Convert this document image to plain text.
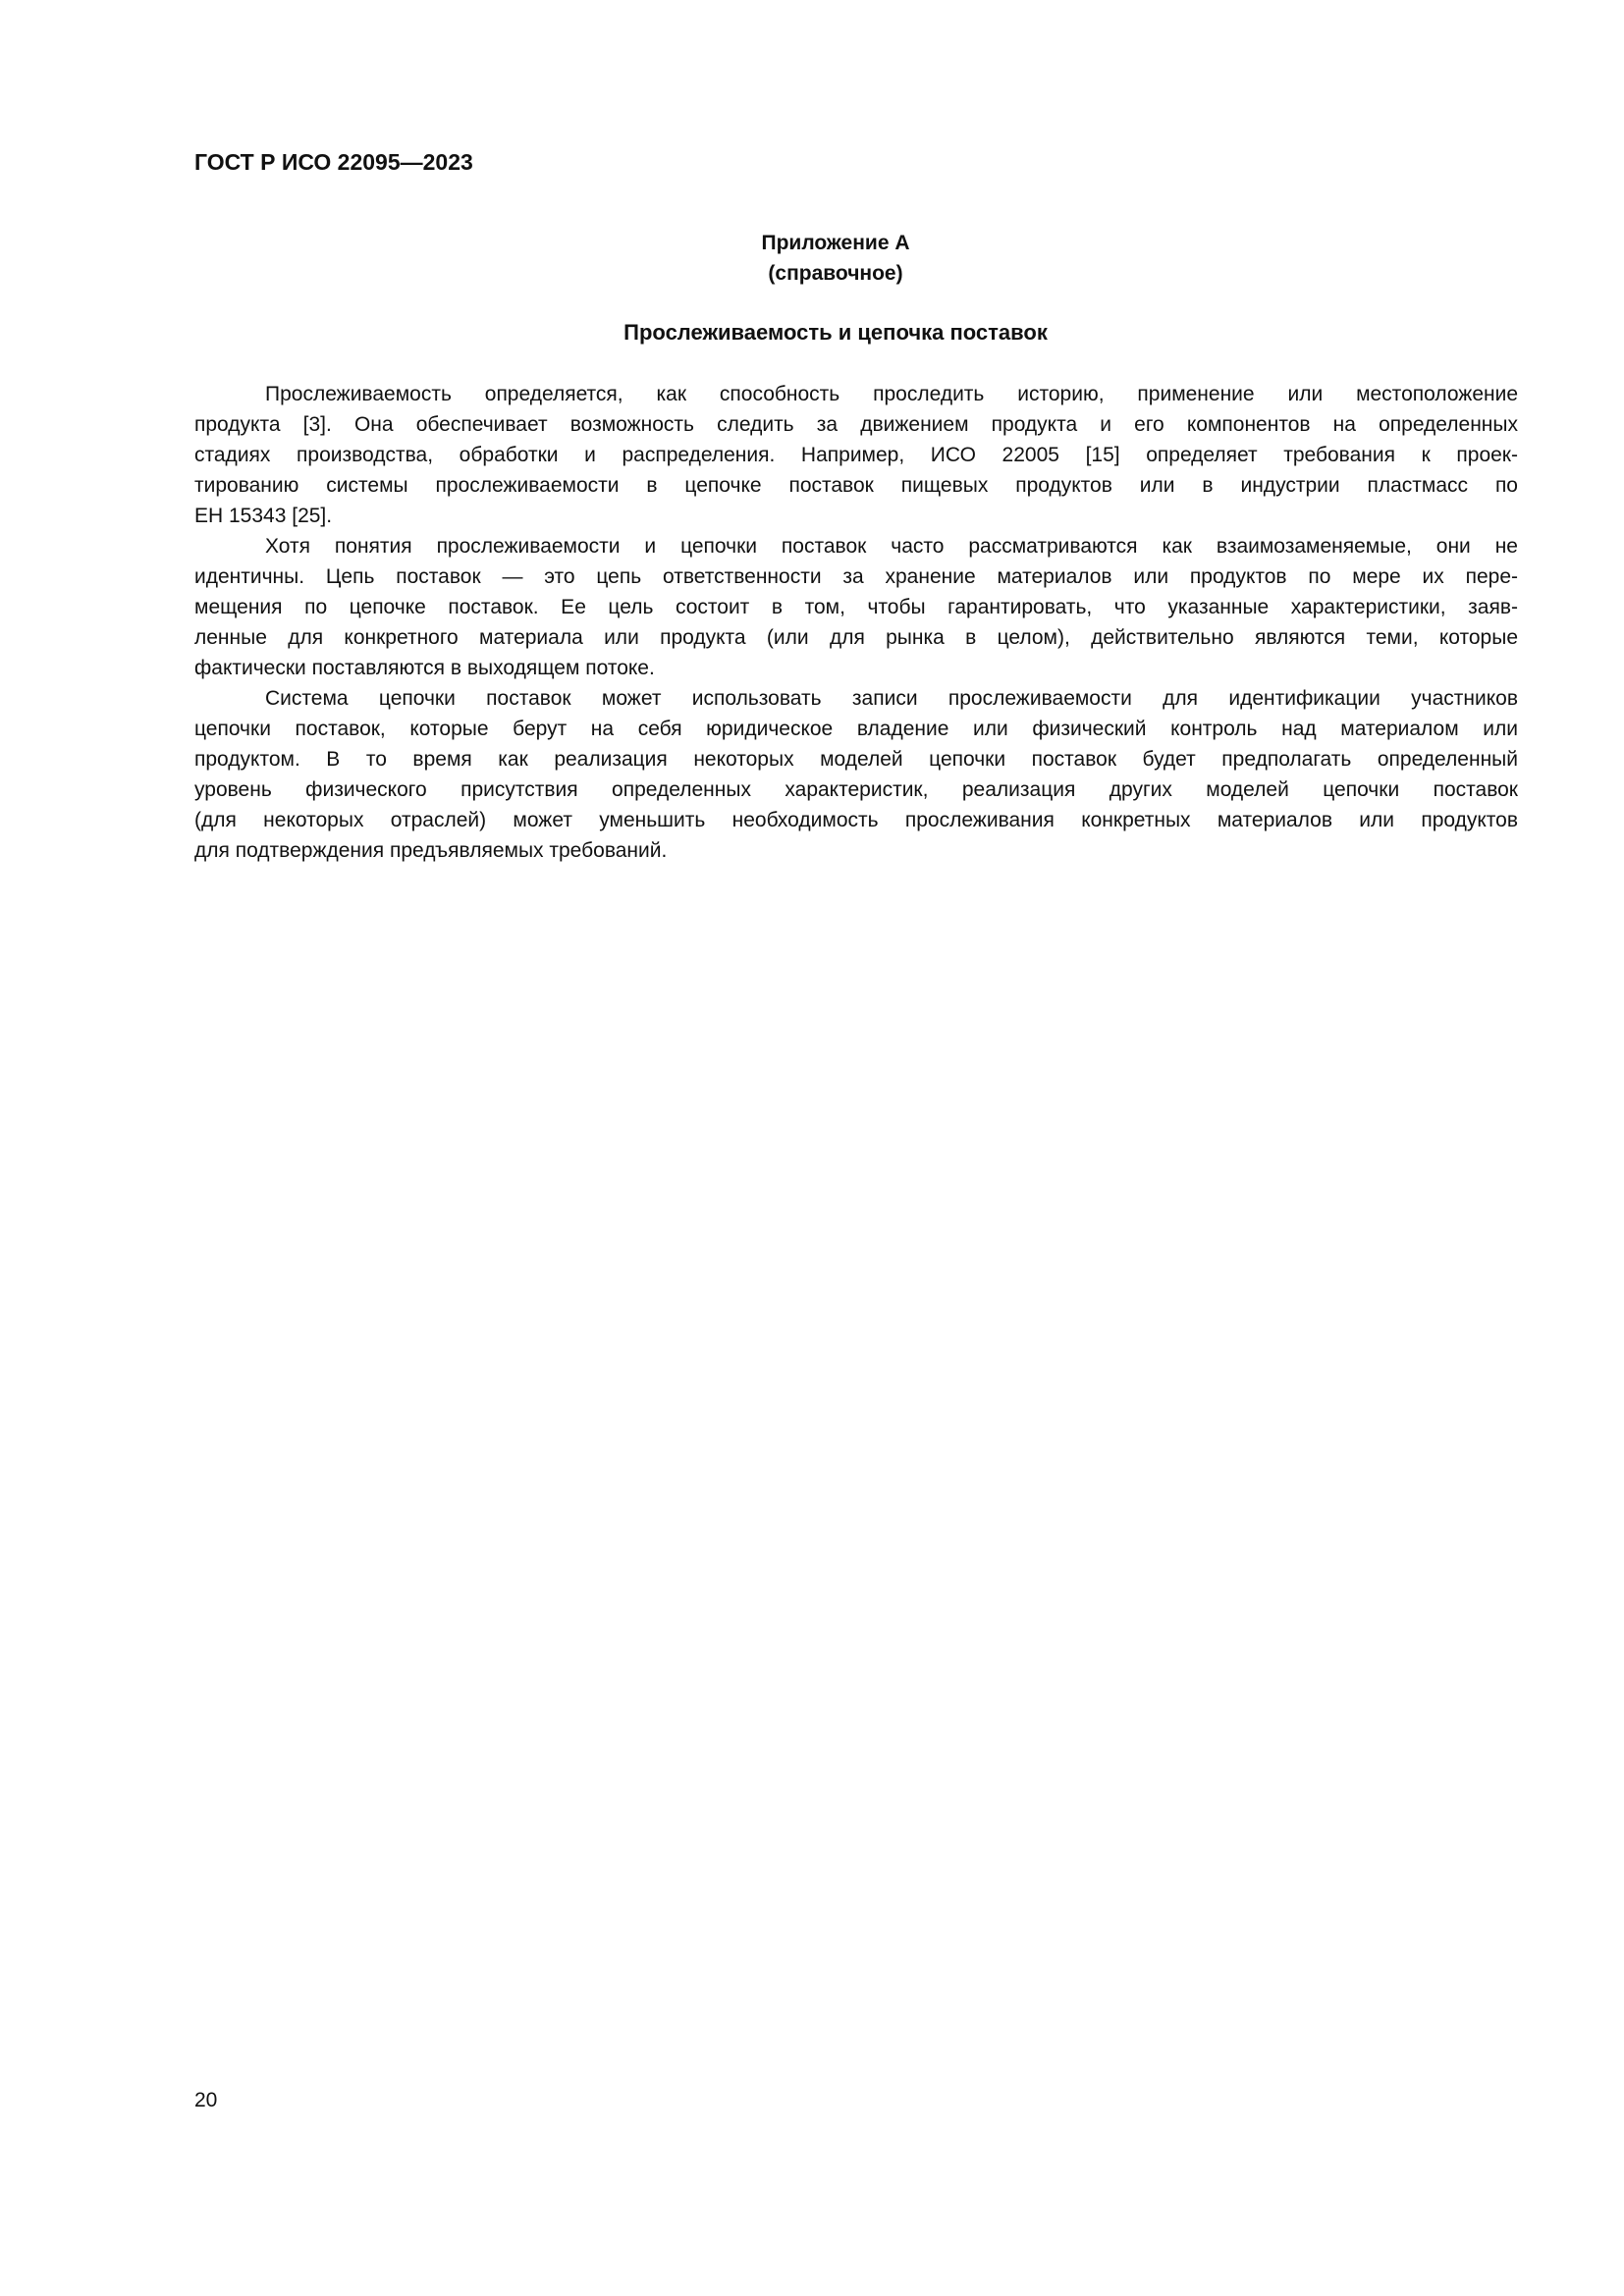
ГОСТ Р ИСО 22095—2023
Приложение А
(справочное)
Прослеживаемость и цепочка поставок
Прослеживаемость определяется, как способность проследить историю, применение или местоположение
продукта [3]. Она обеспечивает возможность следить за движением продукта и его компонентов на определенных
стадиях производства, обработки и распределения. Например, ИСО 22005 [15] определяет требования к проек-
тированию системы прослеживаемости в цепочке поставок пищевых продуктов или в индустрии пластмасс по
ЕН 15343 [25].
Хотя понятия прослеживаемости и цепочки поставок часто рассматриваются как взаимозаменяемые, они не
идентичны. Цепь поставок — это цепь ответственности за хранение материалов или продуктов по мере их пере-
мещения по цепочке поставок. Ее цель состоит в том, чтобы гарантировать, что указанные характеристики, заяв-
ленные для конкретного материала или продукта (или для рынка в целом), действительно являются теми, которые
фактически поставляются в выходящем потоке.
Система цепочки поставок может использовать записи прослеживаемости для идентификации участников
цепочки поставок, которые берут на себя юридическое владение или физический контроль над материалом или
продуктом. В то время как реализация некоторых моделей цепочки поставок будет предполагать определенный
уровень физического присутствия определенных характеристик, реализация других моделей цепочки поставок
(для некоторых отраслей) может уменьшить необходимость прослеживания конкретных материалов или продуктов
для подтверждения предъявляемых требований.
20
